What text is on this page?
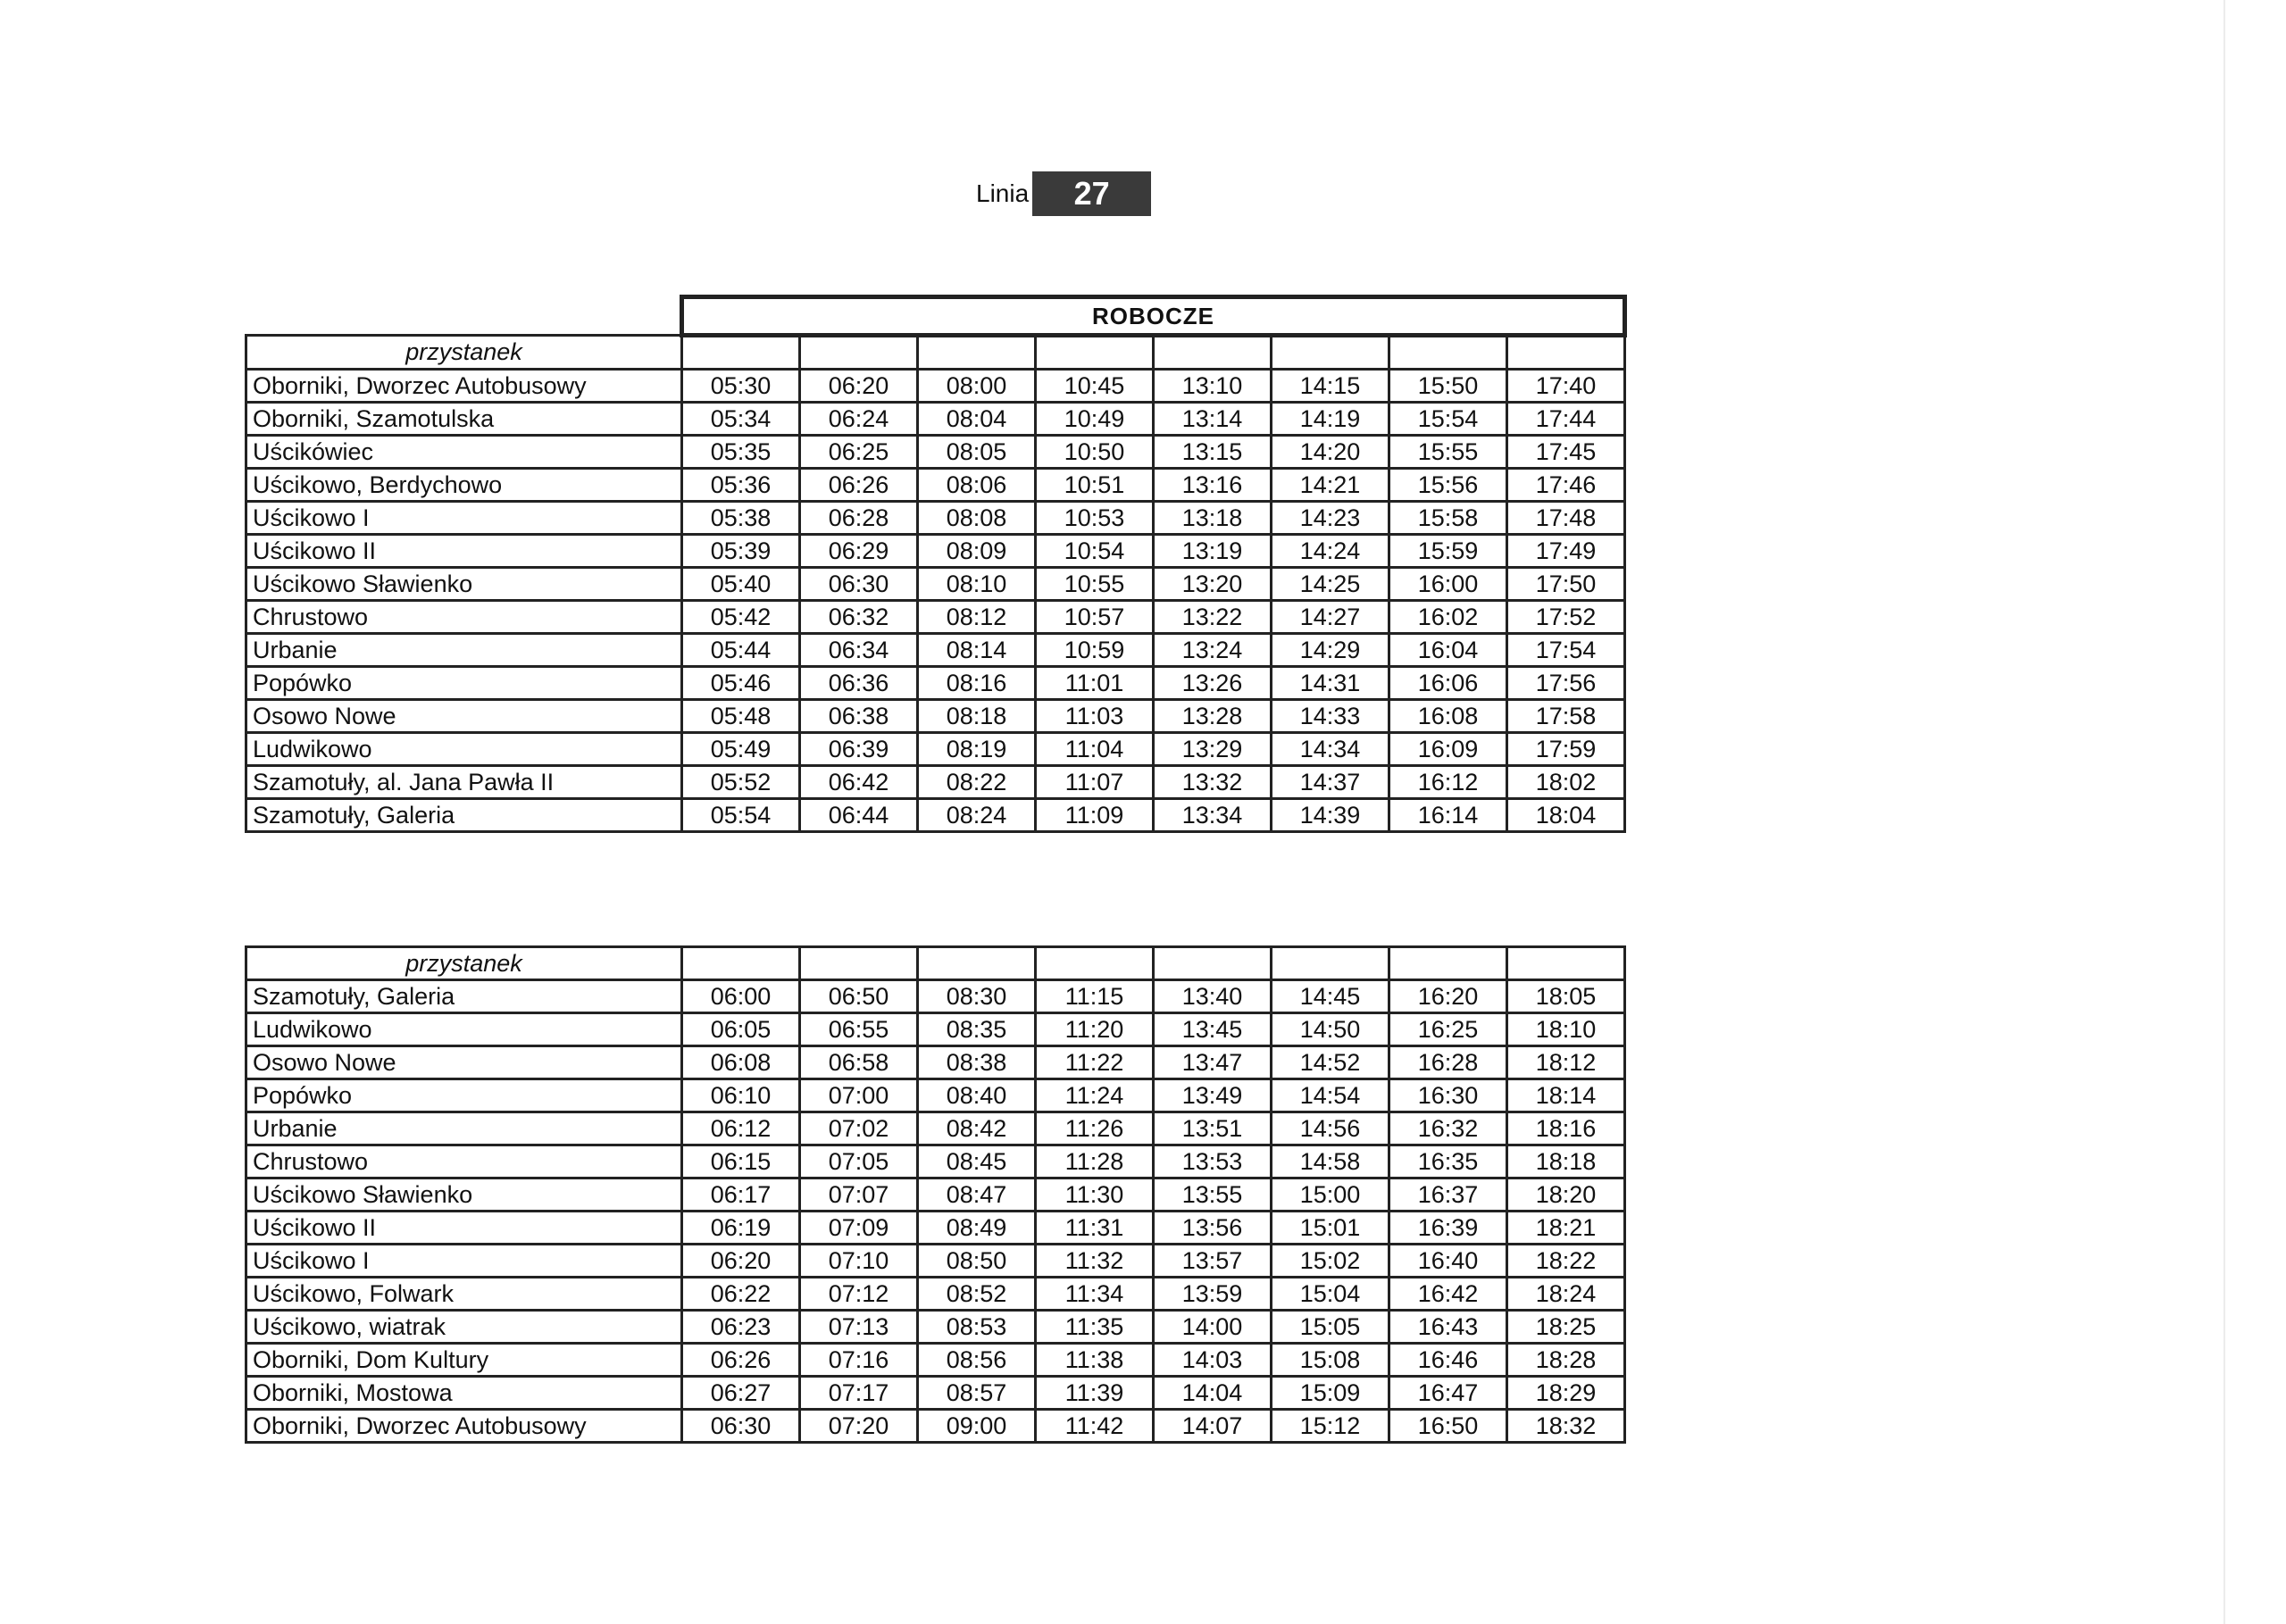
Linia	27
	ROBOCZE							
przystanek								
Oborniki, Dworzec Autobusowy	05:30	06:20	08:00	10:45	13:10	14:15	15:50	17:40
Oborniki, Szamotulska	05:34	06:24	08:04	10:49	13:14	14:19	15:54	17:44
Uścikówiec	05:35	06:25	08:05	10:50	13:15	14:20	15:55	17:45
Uścikowo, Berdychowo	05:36	06:26	08:06	10:51	13:16	14:21	15:56	17:46
Uścikowo I	05:38	06:28	08:08	10:53	13:18	14:23	15:58	17:48
Uścikowo II	05:39	06:29	08:09	10:54	13:19	14:24	15:59	17:49
Uścikowo Sławienko	05:40	06:30	08:10	10:55	13:20	14:25	16:00	17:50
Chrustowo	05:42	06:32	08:12	10:57	13:22	14:27	16:02	17:52
Urbanie	05:44	06:34	08:14	10:59	13:24	14:29	16:04	17:54
Popówko	05:46	06:36	08:16	11:01	13:26	14:31	16:06	17:56
Osowo Nowe	05:48	06:38	08:18	11:03	13:28	14:33	16:08	17:58
Ludwikowo	05:49	06:39	08:19	11:04	13:29	14:34	16:09	17:59
Szamotuły, al. Jana Pawła II	05:52	06:42	08:22	11:07	13:32	14:37	16:12	18:02
Szamotuły, Galeria	05:54	06:44	08:24	11:09	13:34	14:39	16:14	18:04
przystanek								
Szamotuły, Galeria	06:00	06:50	08:30	11:15	13:40	14:45	16:20	18:05
Ludwikowo	06:05	06:55	08:35	11:20	13:45	14:50	16:25	18:10
Osowo Nowe	06:08	06:58	08:38	11:22	13:47	14:52	16:28	18:12
Popówko	06:10	07:00	08:40	11:24	13:49	14:54	16:30	18:14
Urbanie	06:12	07:02	08:42	11:26	13:51	14:56	16:32	18:16
Chrustowo	06:15	07:05	08:45	11:28	13:53	14:58	16:35	18:18
Uścikowo Sławienko	06:17	07:07	08:47	11:30	13:55	15:00	16:37	18:20
Uścikowo II	06:19	07:09	08:49	11:31	13:56	15:01	16:39	18:21
Uścikowo I	06:20	07:10	08:50	11:32	13:57	15:02	16:40	18:22
Uścikowo, Folwark	06:22	07:12	08:52	11:34	13:59	15:04	16:42	18:24
Uścikowo, wiatrak	06:23	07:13	08:53	11:35	14:00	15:05	16:43	18:25
Oborniki, Dom Kultury	06:26	07:16	08:56	11:38	14:03	15:08	16:46	18:28
Oborniki, Mostowa	06:27	07:17	08:57	11:39	14:04	15:09	16:47	18:29
Oborniki, Dworzec Autobusowy	06:30	07:20	09:00	11:42	14:07	15:12	16:50	18:32
